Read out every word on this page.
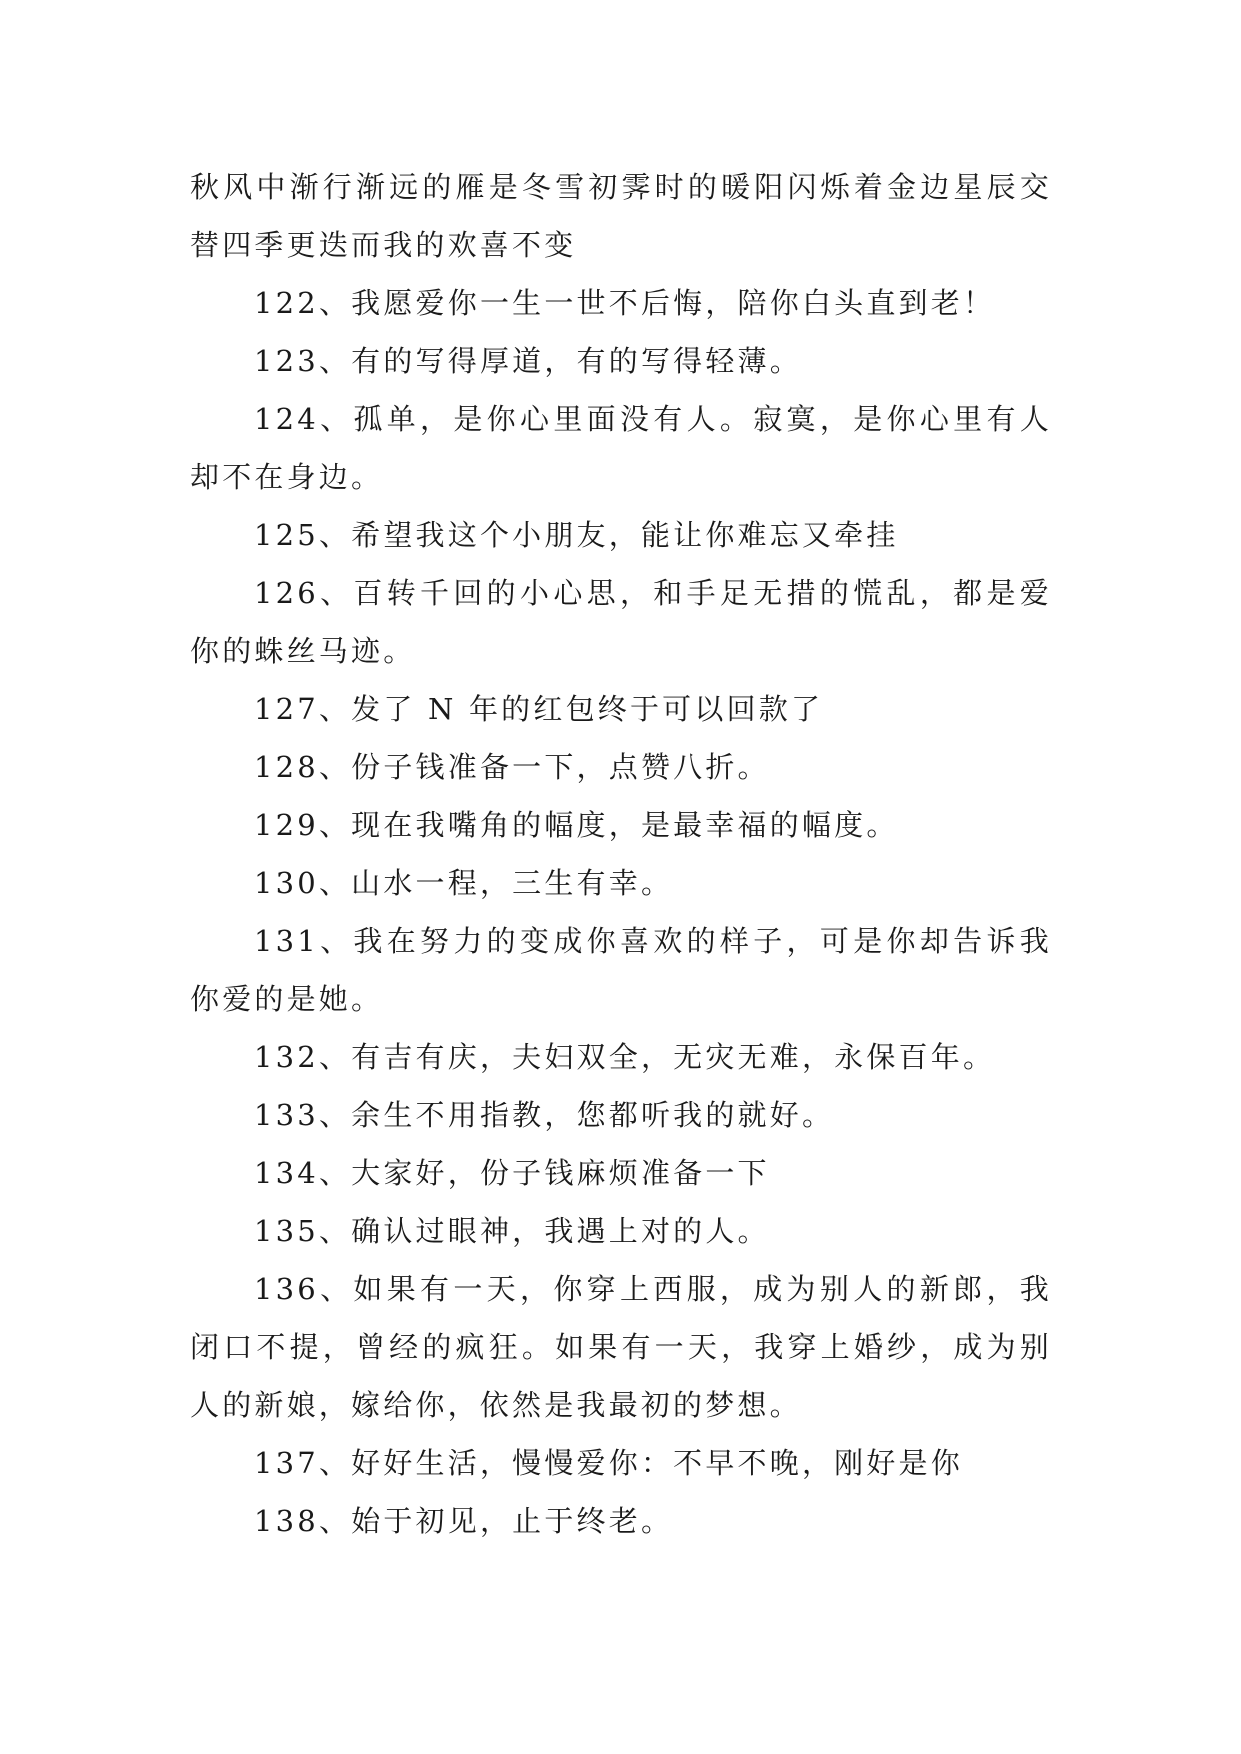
秋风中渐行渐远的雁是冬雪初霁时的暖阳闪烁着金边星辰交替四季更迭而我的欢喜不变

122、我愿爱你一生一世不后悔，陪你白头直到老！

123、有的写得厚道，有的写得轻薄。

124、孤单，是你心里面没有人。寂寞，是你心里有人却不在身边。

125、希望我这个小朋友，能让你难忘又牵挂

126、百转千回的小心思，和手足无措的慌乱，都是爱你的蛛丝马迹。

127、发了 N 年的红包终于可以回款了

128、份子钱准备一下，点赞八折。

129、现在我嘴角的幅度，是最幸福的幅度。

130、山水一程，三生有幸。

131、我在努力的变成你喜欢的样子，可是你却告诉我你爱的是她。

132、有吉有庆，夫妇双全，无灾无难，永保百年。

133、余生不用指教，您都听我的就好。

134、大家好，份子钱麻烦准备一下

135、确认过眼神，我遇上对的人。

136、如果有一天，你穿上西服，成为别人的新郎，我闭口不提，曾经的疯狂。如果有一天，我穿上婚纱，成为别人的新娘，嫁给你，依然是我最初的梦想。

137、好好生活，慢慢爱你：不早不晚，刚好是你

138、始于初见，止于终老。
